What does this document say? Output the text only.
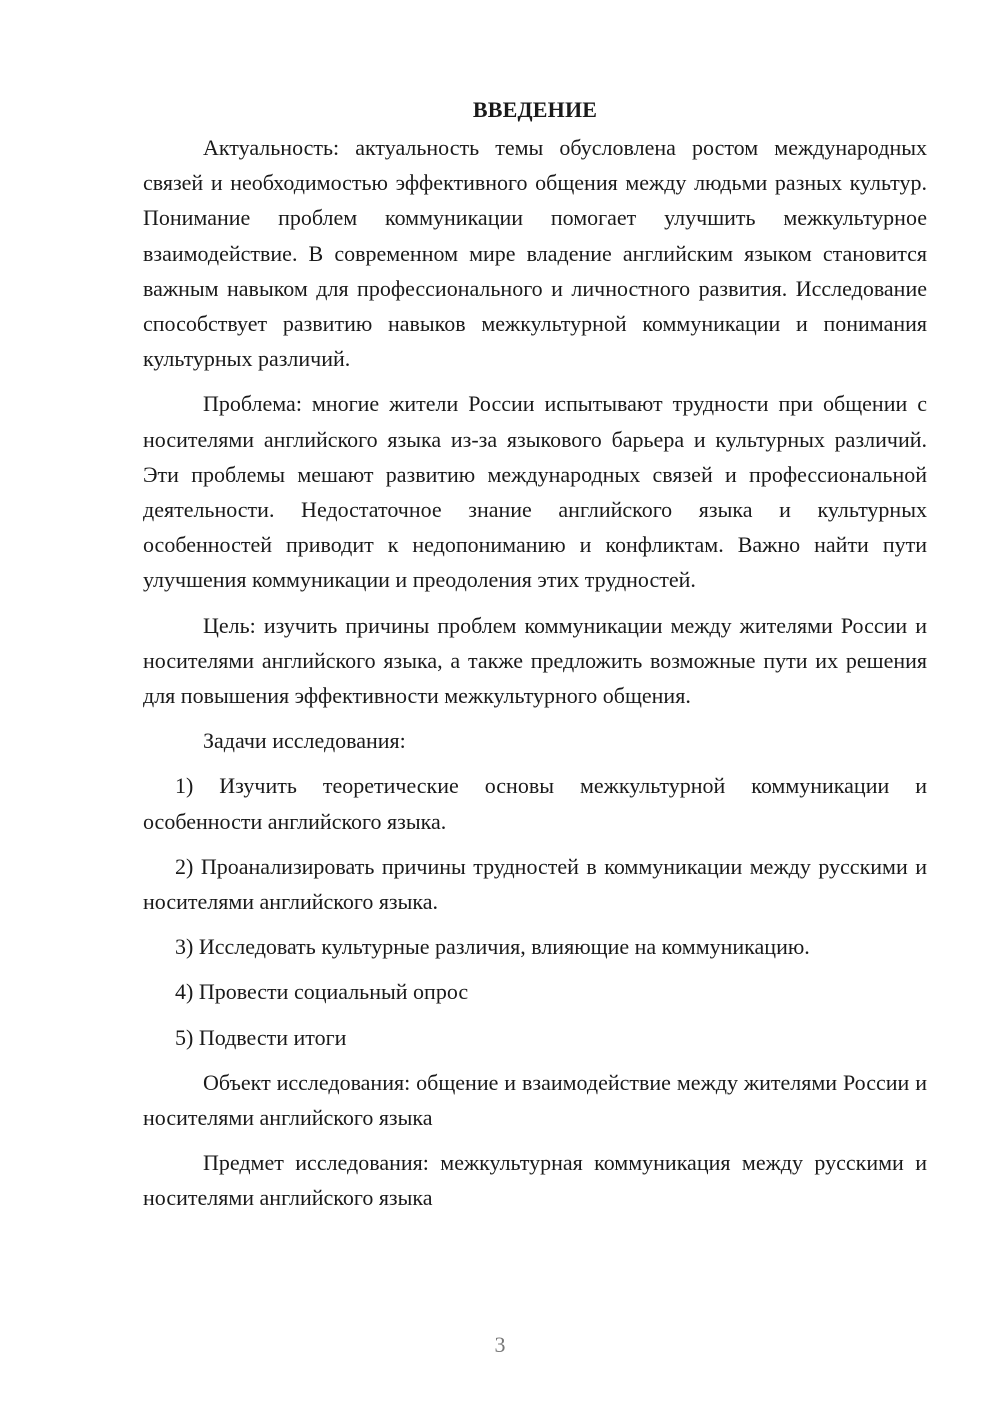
ВВЕДЕНИЕ

Актуальность: актуальность темы обусловлена ростом международных связей и необходимостью эффективного общения между людьми разных культур. Понимание проблем коммуникации помогает улучшить межкультурное взаимодействие. В современном мире владение английским языком становится важным навыком для профессионального и личностного развития. Исследование способствует развитию навыков межкультурной коммуникации и понимания культурных различий.

Проблема: многие жители России испытывают трудности при общении с носителями английского языка из-за языкового барьера и культурных различий. Эти проблемы мешают развитию международных связей и профессиональной деятельности. Недостаточное знание английского языка и культурных особенностей приводит к недопониманию и конфликтам. Важно найти пути улучшения коммуникации и преодоления этих трудностей.

Цель: изучить причины проблем коммуникации между жителями России и носителями английского языка, а также предложить возможные пути их решения для повышения эффективности межкультурного общения.

Задачи исследования:

1) Изучить теоретические основы межкультурной коммуникации и особенности английского языка.

2) Проанализировать причины трудностей в коммуникации между русскими и носителями английского языка.

3) Исследовать культурные различия, влияющие на коммуникацию.

4) Провести социальный опрос

5) Подвести итоги

Объект исследования: общение и взаимодействие между жителями России и носителями английского языка

Предмет исследования: межкультурная коммуникация между русскими и носителями английского языка

3
